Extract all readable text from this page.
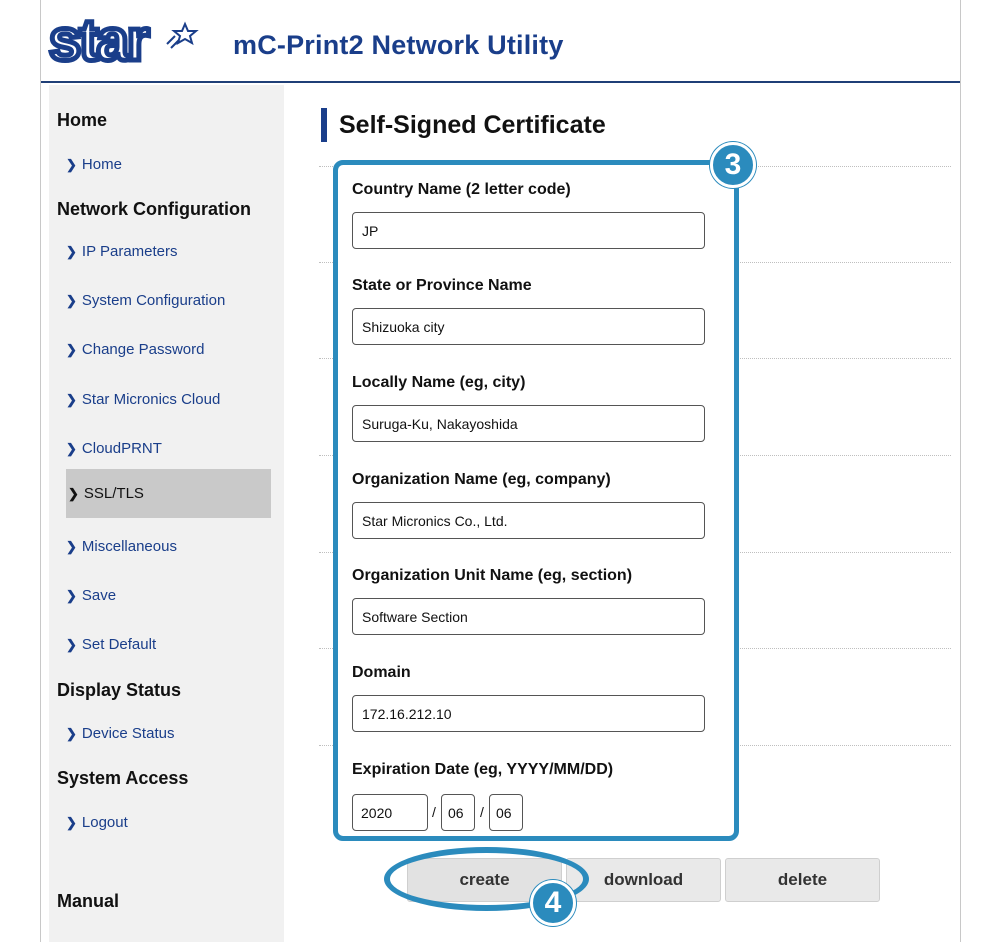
star	mC-Print2 Network Utility
Home
❯ Home
Network Configuration
❯ IP Parameters
❯ System Configuration
❯ Change Password
❯ Star Micronics Cloud
❯ CloudPRNT
❯ SSL/TLS
❯ Miscellaneous
❯ Save
❯ Set Default
Display Status
❯ Device Status
System Access
❯ Logout
Manual
Self-Signed Certificate
Country Name (2 letter code)
JP
State or Province Name
Shizuoka city
Locally Name (eg, city)
Suruga-Ku, Nakayoshida
Organization Name (eg, company)
Star Micronics Co., Ltd.
Organization Unit Name (eg, section)
Software Section
Domain
172.16.212.10
Expiration Date (eg, YYYY/MM/DD)
2020
/
06	/
06
3
create	download	delete
4
